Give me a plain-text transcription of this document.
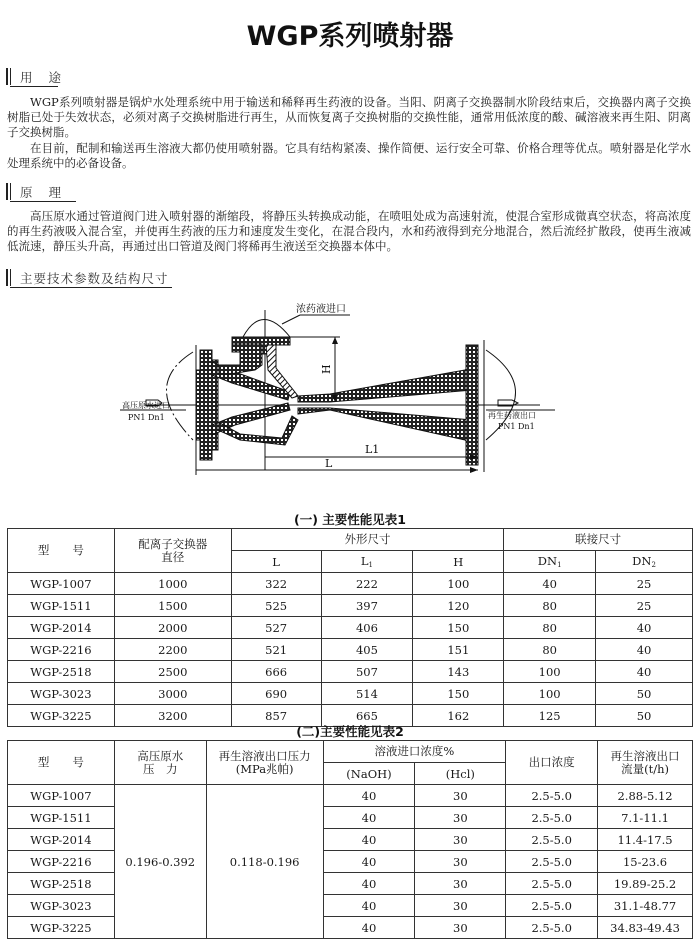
WGP系列喷射器
用 途

WGP系列喷射器是锅炉水处理系统中用于输送和稀释再生药液的设备。当阳、阴离子交换器制水阶段结束后，交换器内离子交换树脂已处于失效状态，必须对离子交换树脂进行再生，从而恢复离子交换树脂的交换性能，通常用低浓度的酸、碱溶液来再生阳、阴离子交换树脂。

在目前，配制和输送再生溶液大都仍使用喷射器。它具有结构紧凑、操作简便、运行安全可靠、价格合理等优点。喷射器是化学水处理系统中的必备设备。

原 理

高压原水通过管道阀门进入喷射器的渐缩段，将静压头转换成动能，在喷咀处成为高速射流，使混合室形成微真空状态，将高浓度的再生药液吸入混合室，并使再生药液的压力和速度发生变化，在混合段内，水和药液得到充分地混合，然后流经扩散段，使再生液减低流速，静压头升高，再通过出口管道及阀门将稀再生液送至交换器本体中。

主要技术参数及结构尺寸
浓药液进口
高压原水进口
PN1 Dn1	再生药液出口
PN1 Dn1
H
L1
L
(一) 主要性能见表1
型　　号	配离子交换器直径	外形尺寸			联接尺寸	
		L	$L_1$	H	$DN_1$	$DN_2$
WGP-1007	1000	322	222	100	40	25
WGP-1511	1500	525	397	120	80	25
WGP-2014	2000	527	406	150	80	40
WGP-2216	2200	521	405	151	80	40
WGP-2518	2500	666	507	143	100	40
WGP-3023	3000	690	514	150	100	50
WGP-3225	3200	857	665	162	125	50
(二)主要性能见表2
型　　号	高压原水压　力	再生溶液出口压力(MPa兆帕)	溶液进口浓度%		出口浓度	再生溶液出口流量(t/h)
			(NaOH)	(Hcl)		
WGP-1007	0.196-0.392	0.118-0.196	40	30	2.5-5.0	2.88-5.12
WGP-1511			40	30	2.5-5.0	7.1-11.1
WGP-2014			40	30	2.5-5.0	11.4-17.5
WGP-2216			40	30	2.5-5.0	15-23.6
WGP-2518			40	30	2.5-5.0	19.89-25.2
WGP-3023			40	30	2.5-5.0	31.1-48.77
WGP-3225			40	30	2.5-5.0	34.83-49.43
